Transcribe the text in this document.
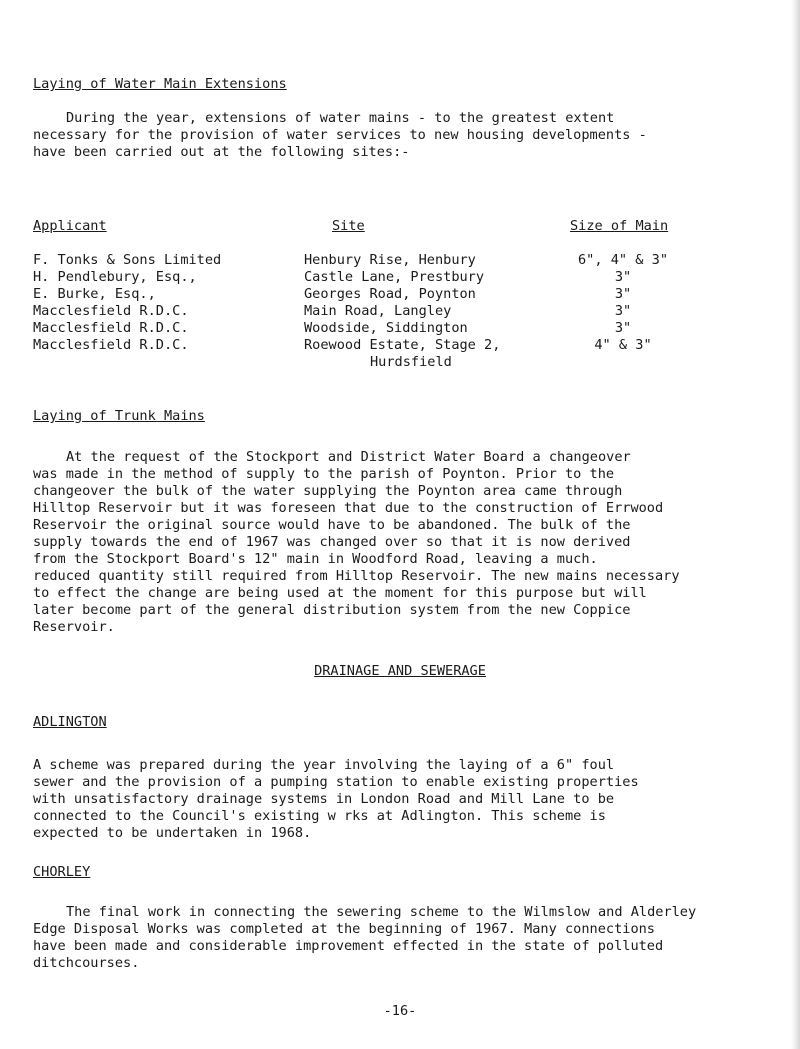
Laying of Water Main Extensions
During the year, extensions of water mains - to the greatest extent
necessary for the provision of water services to new housing developments -
have been carried out at the following sites:-
Applicant	Site	Size of Main
F. Tonks & Sons Limited	Henbury Rise, Henbury	6", 4" & 3"
H. Pendlebury, Esq.,	Castle Lane, Prestbury	3"
E. Burke, Esq.,	Georges Road, Poynton	3"
Macclesfield R.D.C.	Main Road, Langley	3"
Macclesfield R.D.C.	Woodside, Siddington	3"
Macclesfield R.D.C.	Roewood Estate, Stage 2,	4" & 3"
Hurdsfield
Laying of Trunk Mains
At the request of the Stockport and District Water Board a changeover
was made in the method of supply to the parish of Poynton. Prior to the
changeover the bulk of the water supplying the Poynton area came through
Hilltop Reservoir but it was foreseen that due to the construction of Errwood
Reservoir the original source would have to be abandoned. The bulk of the
supply towards the end of 1967 was changed over so that it is now derived
from the Stockport Board's 12" main in Woodford Road, leaving a much.
reduced quantity still required from Hilltop Reservoir. The new mains necessary
to effect the change are being used at the moment for this purpose but will
later become part of the general distribution system from the new Coppice
Reservoir.
DRAINAGE AND SEWERAGE
ADLINGTON
A scheme was prepared during the year involving the laying of a 6" foul
sewer and the provision of a pumping station to enable existing properties
with unsatisfactory drainage systems in London Road and Mill Lane to be
connected to the Council's existing w rks at Adlington. This scheme is
expected to be undertaken in 1968.
CHORLEY
The final work in connecting the sewering scheme to the Wilmslow and Alderley
Edge Disposal Works was completed at the beginning of 1967. Many connections
have been made and considerable improvement effected in the state of polluted
ditchcourses.
-16-
